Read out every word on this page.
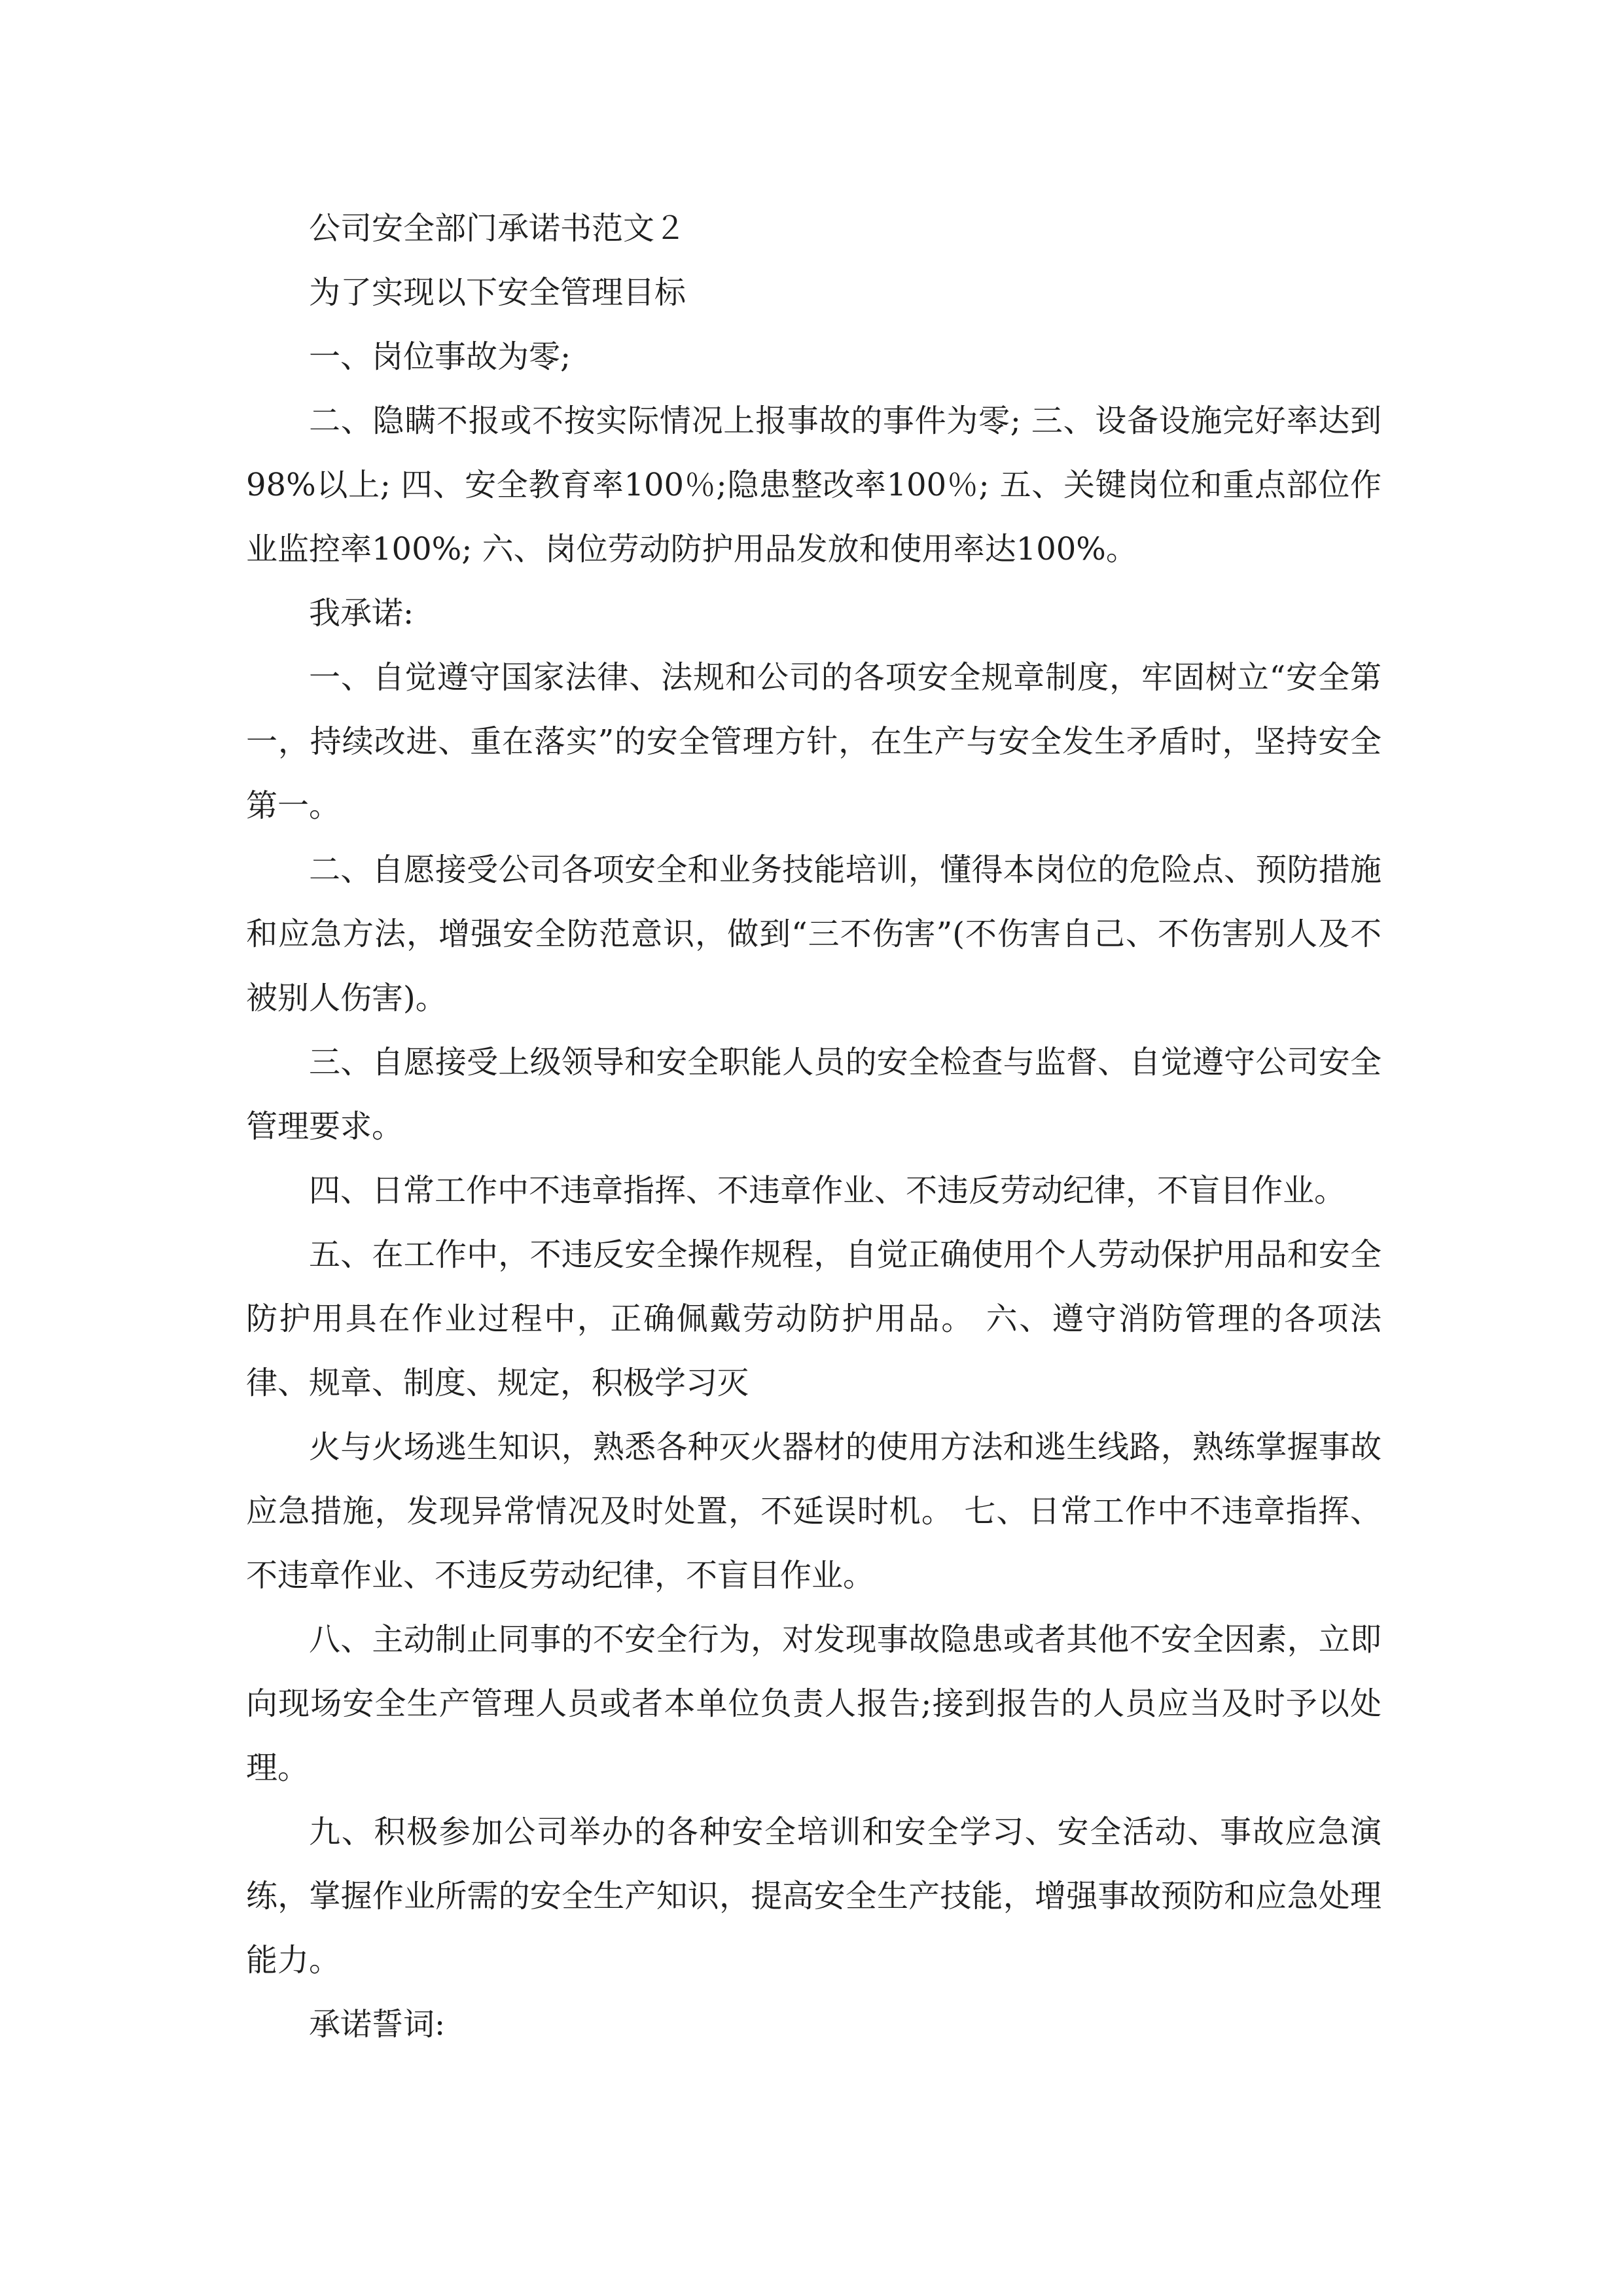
公司安全部门承诺书范文２

为了实现以下安全管理目标

一、岗位事故为零;

二、隐瞒不报或不按实际情况上报事故的事件为零; 三、设备设施完好率达到98%以上; 四、安全教育率100％;隐患整改率100％; 五、关键岗位和重点部位作业监控率100%; 六、岗位劳动防护用品发放和使用率达100%。

我承诺:

一、自觉遵守国家法律、法规和公司的各项安全规章制度，牢固树立“安全第一，持续改进、重在落实”的安全管理方针，在生产与安全发生矛盾时，坚持安全第一。

二、自愿接受公司各项安全和业务技能培训，懂得本岗位的危险点、预防措施和应急方法，增强安全防范意识，做到“三不伤害”(不伤害自己、不伤害别人及不被别人伤害)。

三、自愿接受上级领导和安全职能人员的安全检查与监督、自觉遵守公司安全管理要求。

四、日常工作中不违章指挥、不违章作业、不违反劳动纪律，不盲目作业。

五、在工作中，不违反安全操作规程，自觉正确使用个人劳动保护用品和安全防护用具在作业过程中，正确佩戴劳动防护用品。 六、遵守消防管理的各项法律、规章、制度、规定，积极学习灭

火与火场逃生知识，熟悉各种灭火器材的使用方法和逃生线路，熟练掌握事故应急措施，发现异常情况及时处置，不延误时机。 七、日常工作中不违章指挥、不违章作业、不违反劳动纪律，不盲目作业。

八、主动制止同事的不安全行为，对发现事故隐患或者其他不安全因素，立即向现场安全生产管理人员或者本单位负责人报告;接到报告的人员应当及时予以处理。

九、积极参加公司举办的各种安全培训和安全学习、安全活动、事故应急演练，掌握作业所需的安全生产知识，提高安全生产技能，增强事故预防和应急处理能力。

承诺誓词:
